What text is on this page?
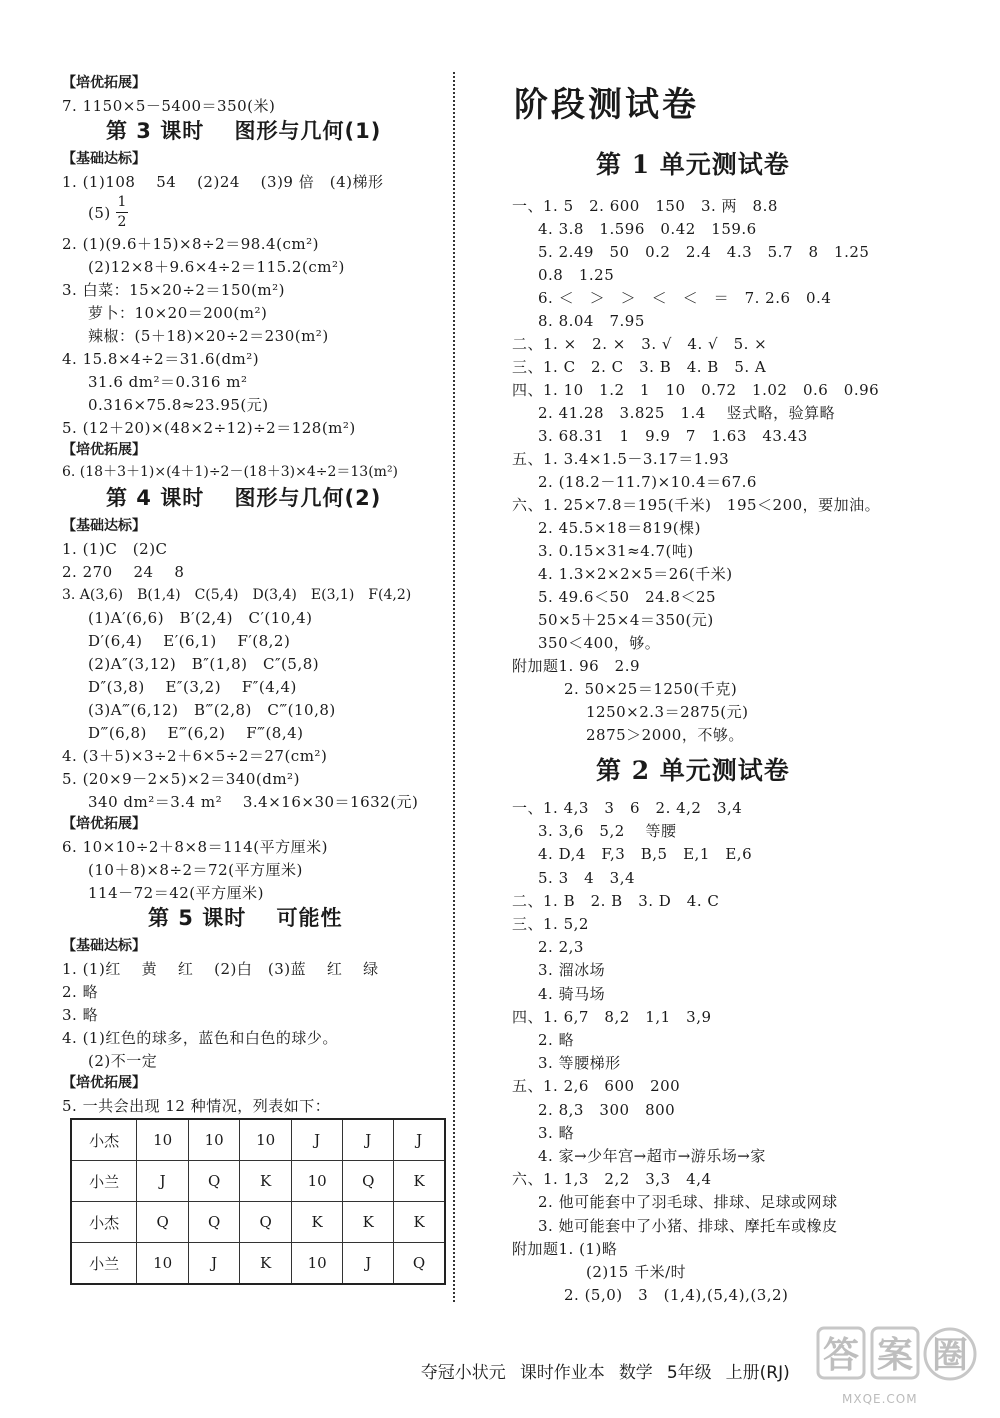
【培优拓展】
7. 1150×5－5400＝350(米)
第 3 课时　 图形与几何(1)
【基础达标】
1. (1)108　 54　 (2)24　 (3)9 倍　(4)梯形
(5)
1
2
2. (1)(9.6＋15)×8÷2＝98.4(cm²)
(2)12×8＋9.6×4÷2＝115.2(cm²)
3. 白菜：15×20÷2＝150(m²)
萝卜：10×20＝200(m²)
辣椒：(5＋18)×20÷2＝230(m²)
4. 15.8×4÷2＝31.6(dm²)
31.6 dm²＝0.316 m²
0.316×75.8≈23.95(元)
5. (12＋20)×(48×2÷12)÷2＝128(m²)
【培优拓展】
6. (18＋3＋1)×(4＋1)÷2－(18＋3)×4÷2＝13(m²)
第 4 课时　 图形与几何(2)
【基础达标】
1. (1)C　(2)C
2. 270　 24　 8
3. A(3,6)　B(1,4)　C(5,4)　D(3,4)　E(3,1)　F(4,2)
(1)A′(6,6)　B′(2,4)　C′(10,4)
D′(6,4)　 E′(6,1)　 F′(8,2)
(2)A″(3,12)　B″(1,8)　C″(5,8)
D″(3,8)　 E″(3,2)　 F″(4,4)
(3)A‴(6,12)　B‴(2,8)　C‴(10,8)
D‴(6,8)　 E‴(6,2)　 F‴(8,4)
4. (3＋5)×3÷2＋6×5÷2＝27(cm²)
5. (20×9－2×5)×2＝340(dm²)
340 dm²＝3.4 m²　 3.4×16×30＝1632(元)
【培优拓展】
6. 10×10÷2＋8×8＝114(平方厘米)
(10＋8)×8÷2＝72(平方厘米)
114－72＝42(平方厘米)
第 5 课时　 可能性
【基础达标】
1. (1)红　 黄　 红　 (2)白　(3)蓝　 红　 绿
2. 略
3. 略
4. (1)红色的球多，蓝色和白色的球少。
(2)不一定
【培优拓展】
5. 一共会出现 12 种情况，列表如下：
小杰	10	10	10	J	J	J
小兰	J	Q	K	10	Q	K
小杰	Q	Q	Q	K	K	K
小兰	10	J	K	10	J	Q
阶段测试卷
第 1 单元测试卷
一、1. 5　2. 600　150　3. 两　8.8
4. 3.8　1.596　0.42　159.6
5. 2.49　50　0.2　2.4　4.3　5.7　8　1.25
0.8　1.25
6. ＜　＞　＞　＜　＜　＝　7. 2.6　0.4
8. 8.04　7.95
二、1. ×　2. ×　3. √　4. √　5. ×
三、1. C　2. C　3. B　4. B　5. A
四、1. 10　1.2　1　10　0.72　1.02　0.6　0.96
2. 41.28　3.825　1.4　 竖式略，验算略
3. 68.31　1　9.9　7　1.63　43.43
五、1. 3.4×1.5－3.17＝1.93
2. (18.2－11.7)×10.4＝67.6
六、1. 25×7.8＝195(千米)　195＜200，要加油。
2. 45.5×18＝819(棵)
3. 0.15×31≈4.7(吨)
4. 1.3×2×2×5＝26(千米)
5. 49.6＜50　24.8＜25
50×5＋25×4＝350(元)
350＜400，够。
附加题1. 96　2.9
2. 50×25＝1250(千克)
1250×2.3＝2875(元)
2875＞2000，不够。
第 2 单元测试卷
一、1. 4,3　3　6　2. 4,2　3,4
3. 3,6　5,2　 等腰
4. D,4　F,3　B,5　E,1　E,6
5. 3　4　3,4
二、1. B　2. B　3. D　4. C
三、1. 5,2
2. 2,3
3. 溜冰场
4. 骑马场
四、1. 6,7　8,2　1,1　3,9
2. 略
3. 等腰梯形
五、1. 2,6　600　200
2. 8,3　300　800
3. 略
4. 家→少年宫→超市→游乐场→家
六、1. 1,3　2,2　3,3　4,4
2. 他可能套中了羽毛球、排球、足球或网球
3. 她可能套中了小猪、排球、摩托车或橡皮
附加题1. (1)略
(2)15 千米/时
2. (5,0)　3　(1,4),(5,4),(3,2)

夺冠小状元 课时作业本 数学 5年级 上册(RJ) 答 案 圈
MXQE.COM
